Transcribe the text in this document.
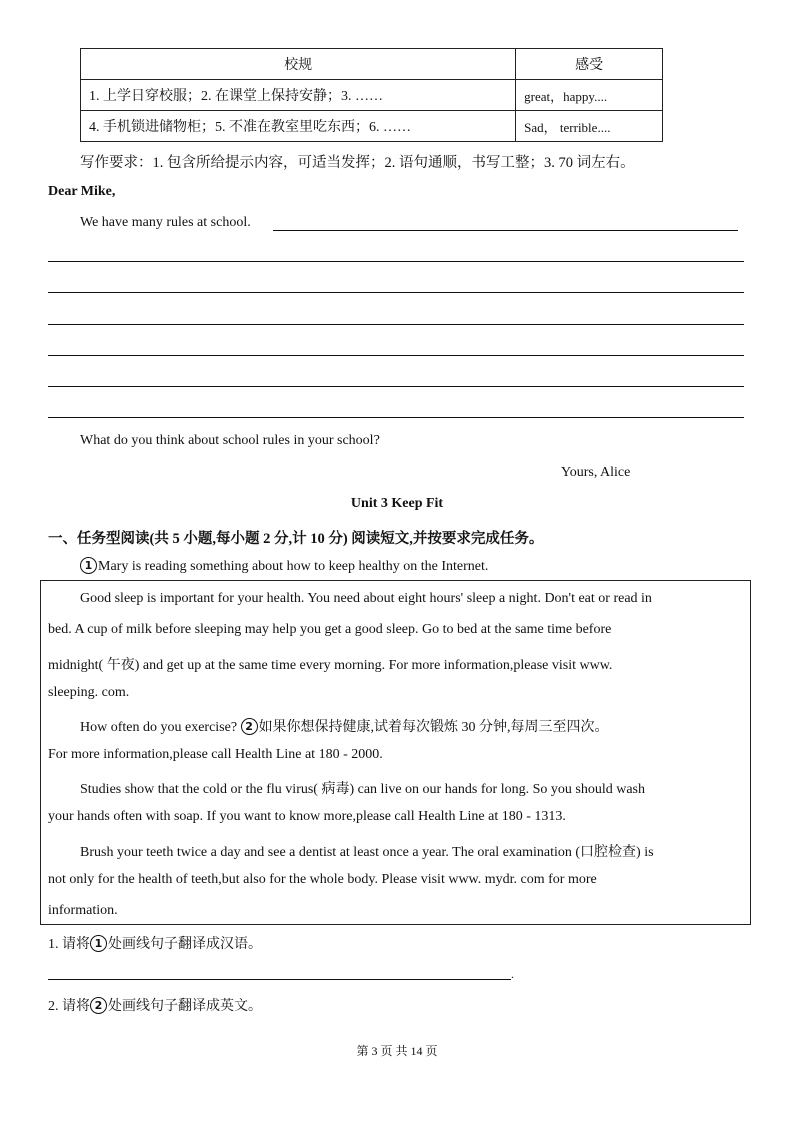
校规	感受
1. 上学日穿校服；2. 在课堂上保持安静；3. ……	great，happy....
4. 手机锁进储物柜；5. 不准在教室里吃东西；6. ……	Sad， terrible....
写作要求：1. 包含所给提示内容，可适当发挥；2. 语句通顺，书写工整；3. 70 词左右。
Dear Mike,
We have many rules at school.
What do you think about school rules in your school?
Yours, Alice
Unit 3 Keep Fit
一、任务型阅读(共 5 小题,每小题 2 分,计 10 分) 阅读短文,并按要求完成任务。
1 Mary is reading something about how to keep healthy on the Internet.

Good sleep is important for your health. You need about eight hours' sleep a night. Don't eat or read in

bed. A cup of milk before sleeping may help you get a good sleep. Go to bed at the same time before

midnight( 午夜) and get up at the same time every morning. For more information,please visit www.

sleeping. com.

How often do you exercise? 2 如果你想保持健康,试着每次锻炼 30 分钟,每周三至四次。

For more information,please call Health Line at 180 - 2000.

Studies show that the cold or the flu virus( 病毒) can live on our hands for long. So you should wash

your hands often with soap. If you want to know more,please call Health Line at 180 - 1313.

Brush your teeth twice a day and see a dentist at least once a year. The oral examination (口腔检查) is

not only for the health of teeth,but also for the whole body. Please visit www. mydr. com for more

information.

1. 请将 1 处画线句子翻译成汉语。
.
2. 请将 2 处画线句子翻译成英文。
第 3 页 共 14 页
